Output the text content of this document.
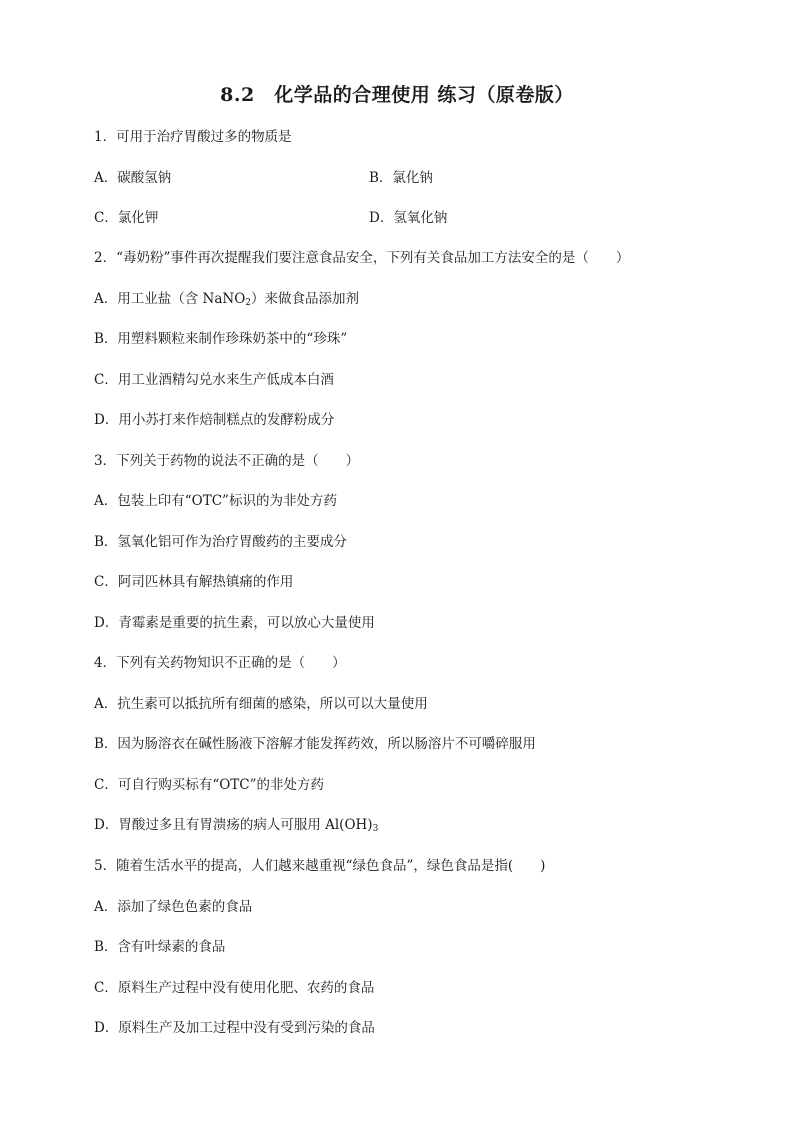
8.2　化学品的合理使用 练习（原卷版）
1．可用于治疗胃酸过多的物质是
A．碳酸氢钠	B．氯化钠
C．氯化钾	D．氢氧化钠
2．“毒奶粉”事件再次提醒我们要注意食品安全，下列有关食品加工方法安全的是（　　）
A．用工业盐（含 NaNO$_2$）来做食品添加剂
B．用塑料颗粒来制作珍珠奶茶中的“珍珠”
C．用工业酒精勾兑水来生产低成本白酒
D．用小苏打来作焙制糕点的发酵粉成分
3．下列关于药物的说法不正确的是（　　）
A．包装上印有“OTC”标识的为非处方药
B．氢氧化铝可作为治疗胃酸药的主要成分
C．阿司匹林具有解热镇痛的作用
D．青霉素是重要的抗生素，可以放心大量使用
4．下列有关药物知识不正确的是（　　）
A．抗生素可以抵抗所有细菌的感染，所以可以大量使用
B．因为肠溶衣在碱性肠液下溶解才能发挥药效，所以肠溶片不可嚼碎服用
C．可自行购买标有“OTC”的非处方药
D．胃酸过多且有胃溃疡的病人可服用 $Al(OH)_3$
5．随着生活水平的提高，人们越来越重视“绿色食品”，绿色食品是指(　　)
A．添加了绿色色素的食品
B．含有叶绿素的食品
C．原料生产过程中没有使用化肥、农药的食品
D．原料生产及加工过程中没有受到污染的食品
